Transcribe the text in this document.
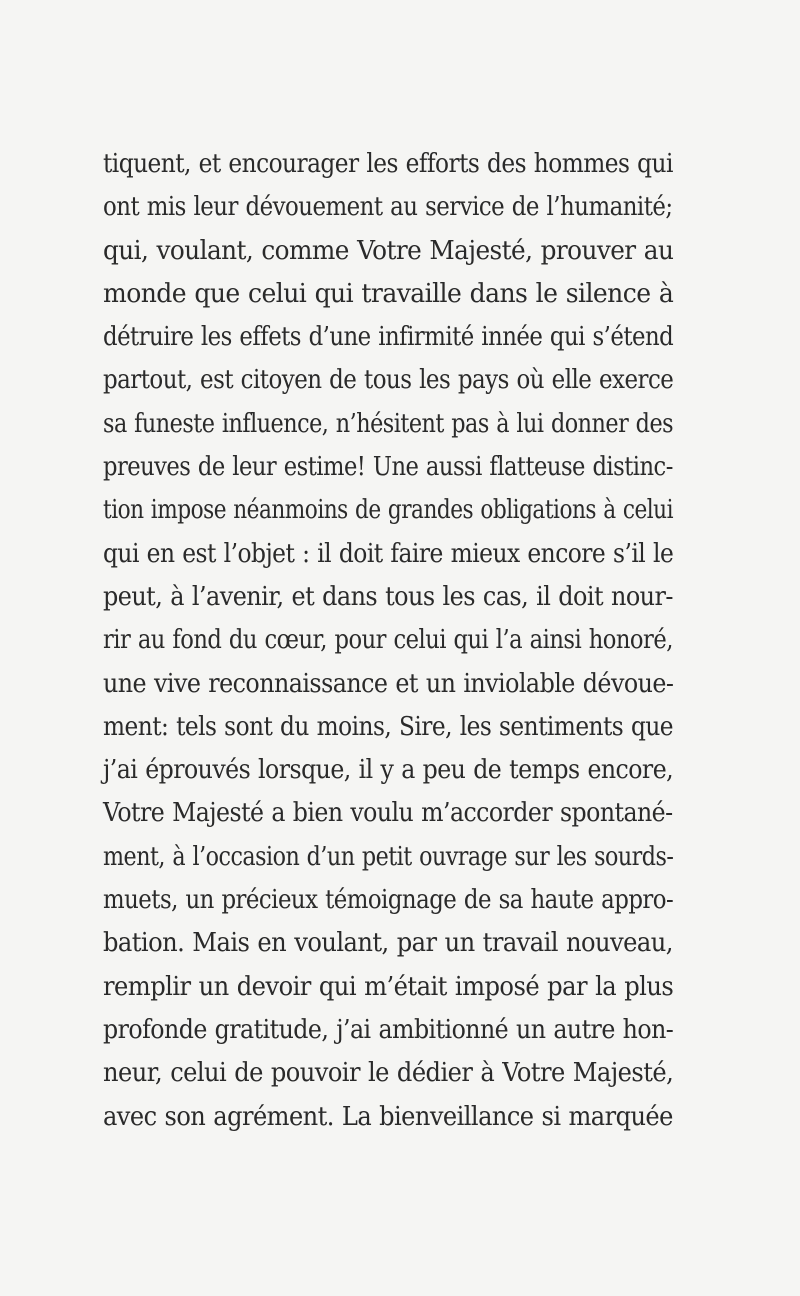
tiquent, et encourager les efforts des hommes qui
ont mis leur dévouement au service de l’humanité;
qui, voulant, comme Votre Majesté, prouver au
monde que celui qui travaille dans le silence à
détruire les effets d’une infirmité innée qui s’étend
partout, est citoyen de tous les pays où elle exerce
sa funeste influence, n’hésitent pas à lui donner des
preuves de leur estime! Une aussi flatteuse distinc-
tion impose néanmoins de grandes obligations à celui
qui en est l’objet : il doit faire mieux encore s’il le
peut, à l’avenir, et dans tous les cas, il doit nour-
rir au fond du cœur, pour celui qui l’a ainsi honoré,
une vive reconnaissance et un inviolable dévoue-
ment: tels sont du moins, Sire, les sentiments que
j’ai éprouvés lorsque, il y a peu de temps encore,
Votre Majesté a bien voulu m’accorder spontané-
ment, à l’occasion d’un petit ouvrage sur les sourds-
muets, un précieux témoignage de sa haute appro-
bation. Mais en voulant, par un travail nouveau,
remplir un devoir qui m’était imposé par la plus
profonde gratitude, j’ai ambitionné un autre hon-
neur, celui de pouvoir le dédier à Votre Majesté,
avec son agrément. La bienveillance si marquée
